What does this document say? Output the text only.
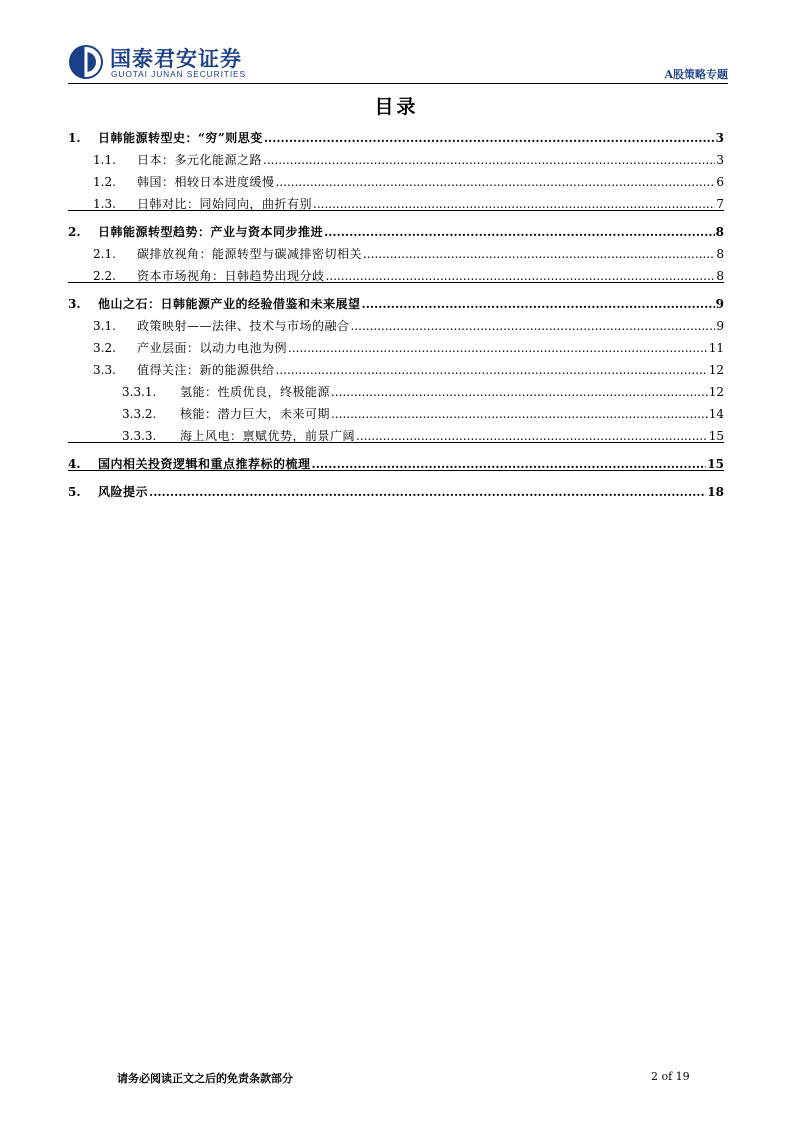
国泰君安证券
GUOTAI JUNAN SECURITIES	A股策略专题
目录
1.	日韩能源转型史：“穷”则思变 .....	3
1.1.	日本：多元化能源之路 .....	3
1.2.	韩国：相较日本进度缓慢 .....	6
1.3.	日韩对比：同始同向，曲折有别 .....	7
2.	日韩能源转型趋势：产业与资本同步推进 .....	8
2.1.	碳排放视角：能源转型与碳减排密切相关 .....	8
2.2.	资本市场视角：日韩趋势出现分歧 .....	8
3.	他山之石：日韩能源产业的经验借鉴和未来展望 .....	9
3.1.	政策映射——法律、技术与市场的融合 .....	9
3.2.	产业层面：以动力电池为例 .....	11
3.3.	值得关注：新的能源供给 .....	12
3.3.1.	氢能：性质优良，终极能源 .....	12
3.3.2.	核能：潜力巨大，未来可期 .....	14
3.3.3.	海上风电：禀赋优势，前景广阔 .....	15
4.	国内相关投资逻辑和重点推荐标的梳理 .....	15
5.	风险提示 .....	18
请务必阅读正文之后的免责条款部分	2 of 19
